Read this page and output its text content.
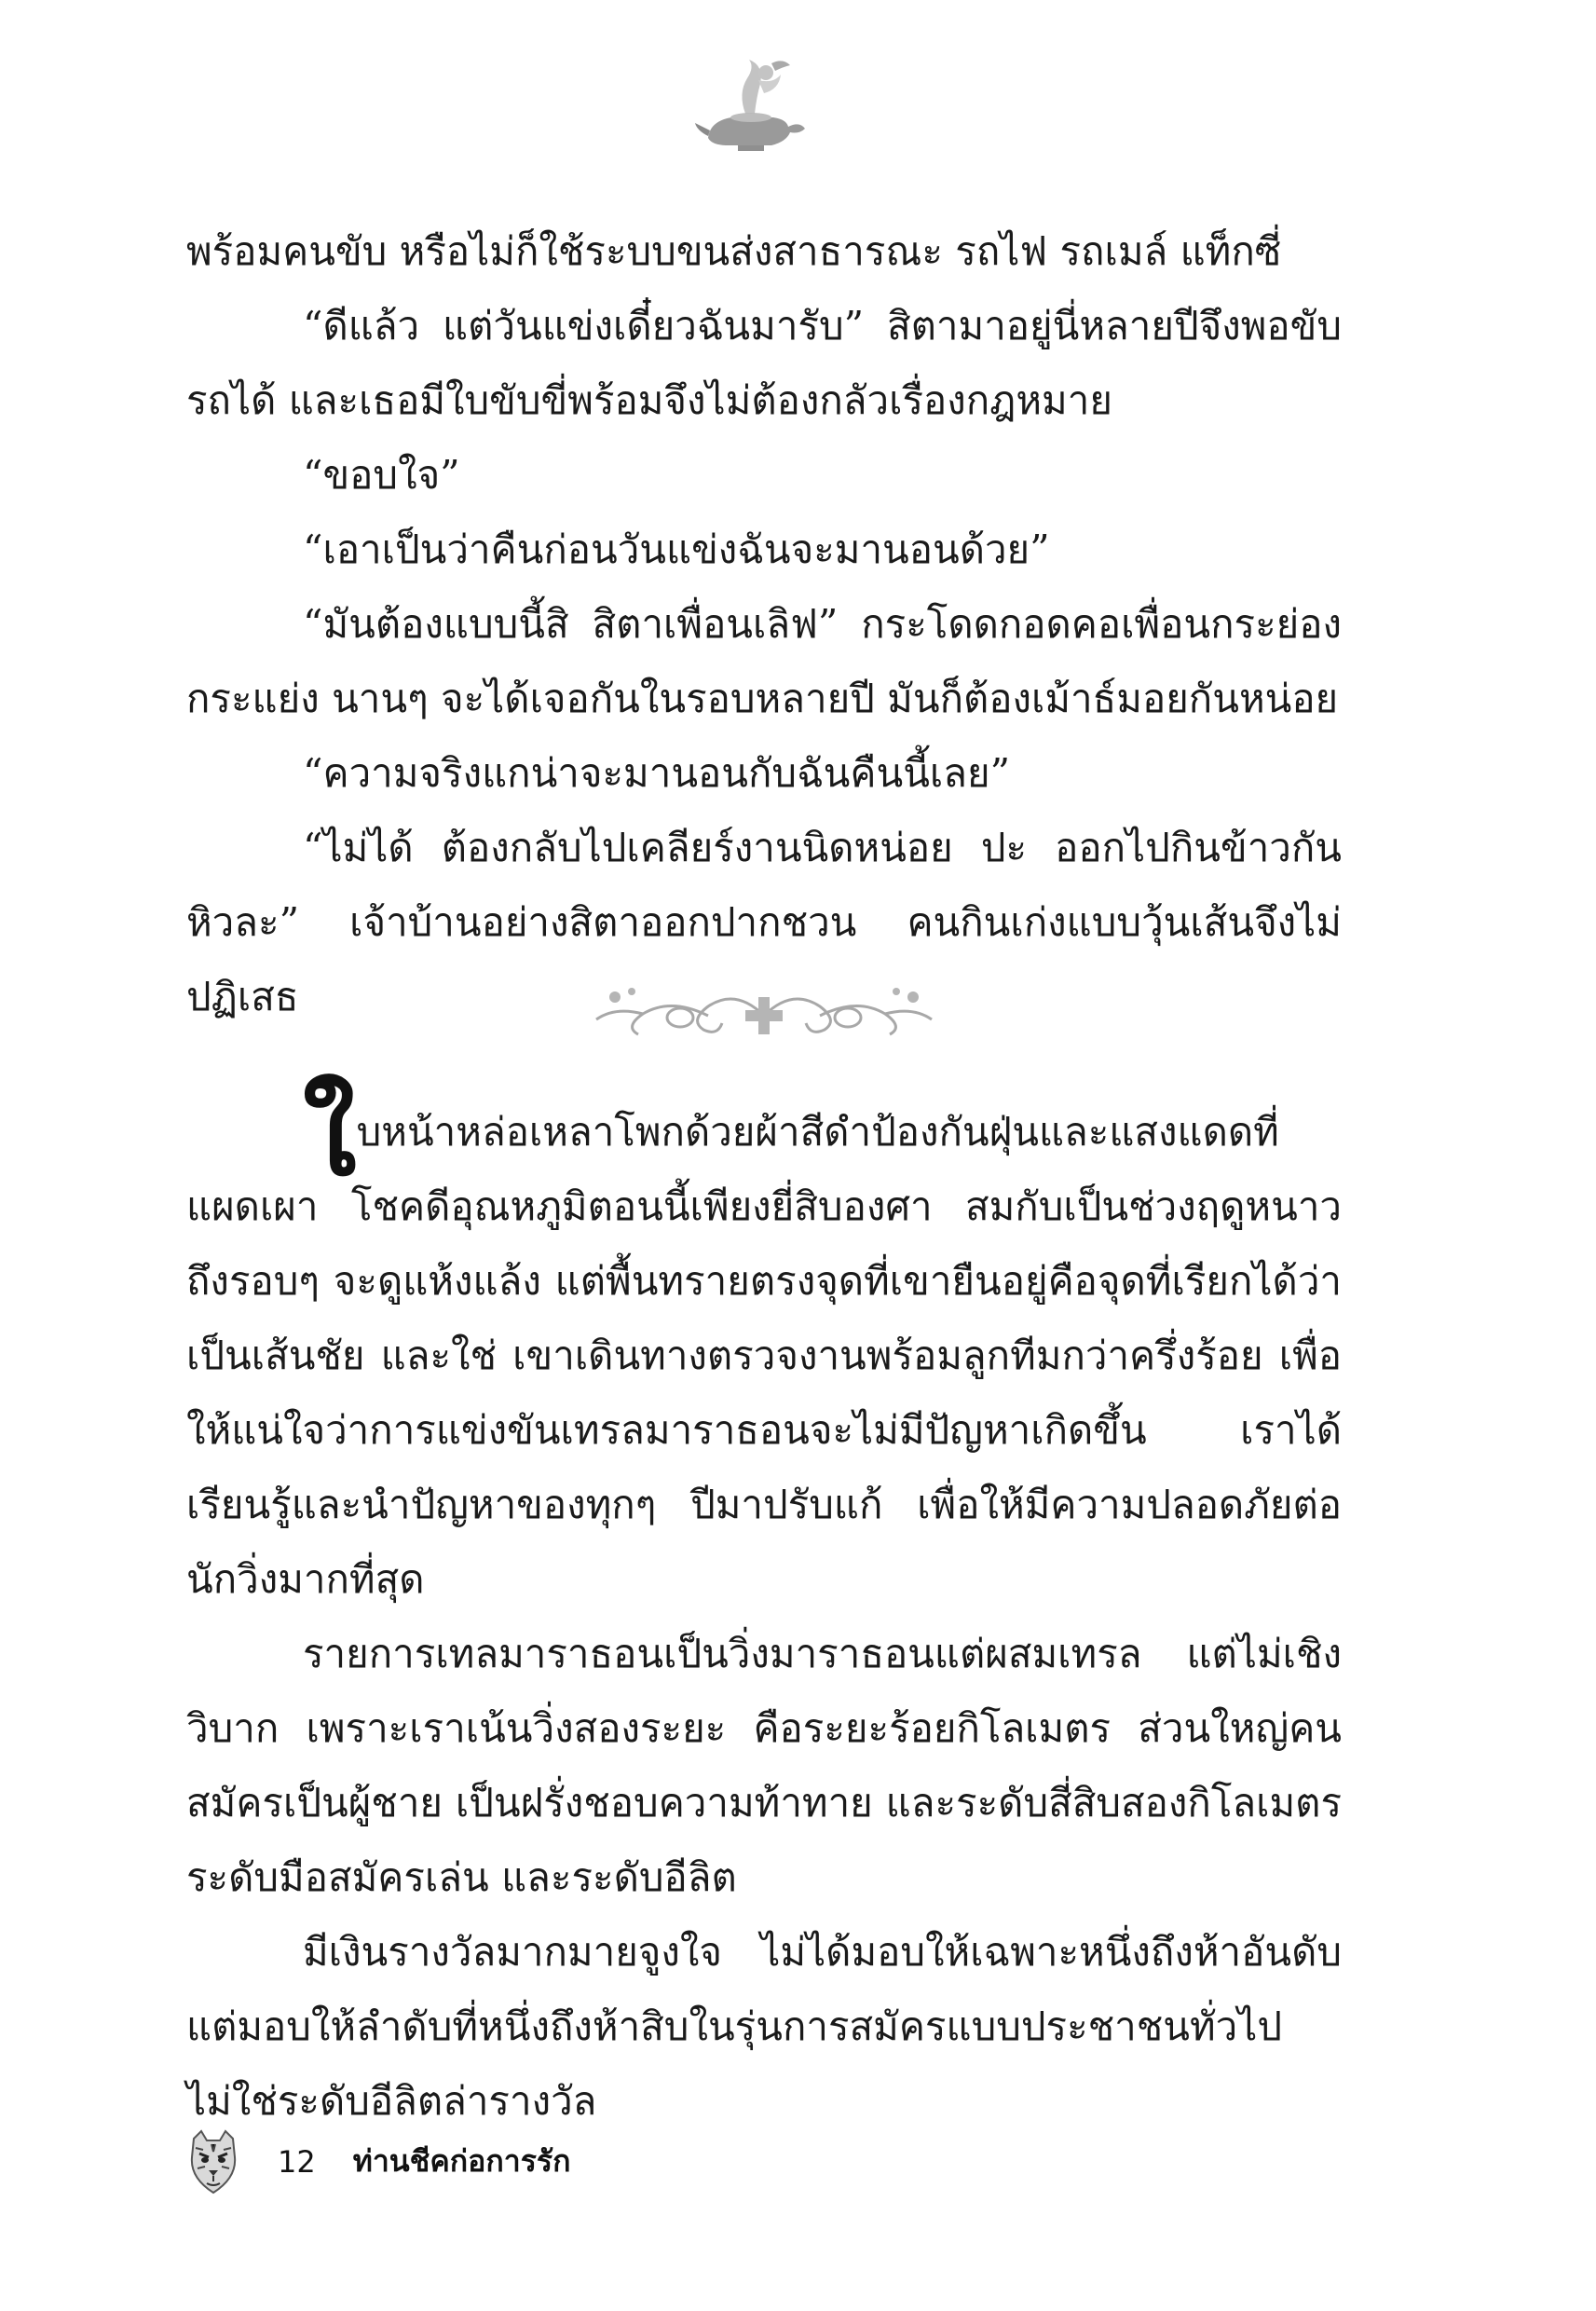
พร้อมคนขับ หรือไม่ก็ใช้ระบบขนส่งสาธารณะ รถไฟ รถเมล์ แท็กซี่

“ดีแล้ว แต่วันแข่งเดี๋ยวฉันมารับ” สิตามาอยู่นี่หลายปีจึงพอขับรถได้ และเธอมีใบขับขี่พร้อมจึงไม่ต้องกลัวเรื่องกฎหมาย

“ขอบใจ”

“เอาเป็นว่าคืนก่อนวันแข่งฉันจะมานอนด้วย”

“มันต้องแบบนี้สิ สิตาเพื่อนเลิฟ” กระโดดกอดคอเพื่อนกระย่องกระแย่ง นานๆ จะได้เจอกันในรอบหลายปี มันก็ต้องเม้าธ์มอยกันหน่อย

“ความจริงแกน่าจะมานอนกับฉันคืนนี้เลย”

“ไม่ได้ ต้องกลับไปเคลียร์งานนิดหน่อย ปะ ออกไปกินข้าวกันหิวละ” เจ้าบ้านอย่างสิตาออกปากชวน คนกินเก่งแบบวุ้นเส้นจึงไม่ปฏิเสธ

ใบหน้าหล่อเหลาโพกด้วยผ้าสีดำป้องกันฝุ่นและแสงแดดที่แผดเผา โชคดีอุณหภูมิตอนนี้เพียงยี่สิบองศา สมกับเป็นช่วงฤดูหนาว ถึงรอบๆ จะดูแห้งแล้ง แต่พื้นทรายตรงจุดที่เขายืนอยู่คือจุดที่เรียกได้ว่าเป็นเส้นชัย และใช่ เขาเดินทางตรวจงานพร้อมลูกทีมกว่าครึ่งร้อย เพื่อให้แน่ใจว่าการแข่งขันเทรลมาราธอนจะไม่มีปัญหาเกิดขึ้น เราได้เรียนรู้และนำปัญหาของทุกๆ ปีมาปรับแก้ เพื่อให้มีความปลอดภัยต่อนักวิ่งมากที่สุด

รายการเทลมาราธอนเป็นวิ่งมาราธอนแต่ผสมเทรล แต่ไม่เชิงวิบาก เพราะเราเน้นวิ่งสองระยะ คือระยะร้อยกิโลเมตร ส่วนใหญ่คนสมัครเป็นผู้ชาย เป็นฝรั่งชอบความท้าทาย และระดับสี่สิบสองกิโลเมตร ระดับมือสมัครเล่น และระดับอีลิต

มีเงินรางวัลมากมายจูงใจ ไม่ได้มอบให้เฉพาะหนึ่งถึงห้าอันดับ แต่มอบให้ลำดับที่หนึ่งถึงห้าสิบในรุ่นการสมัครแบบประชาชนทั่วไป ไม่ใช่ระดับอีลิตล่ารางวัล

12 ท่านชีคก่อการรัก
